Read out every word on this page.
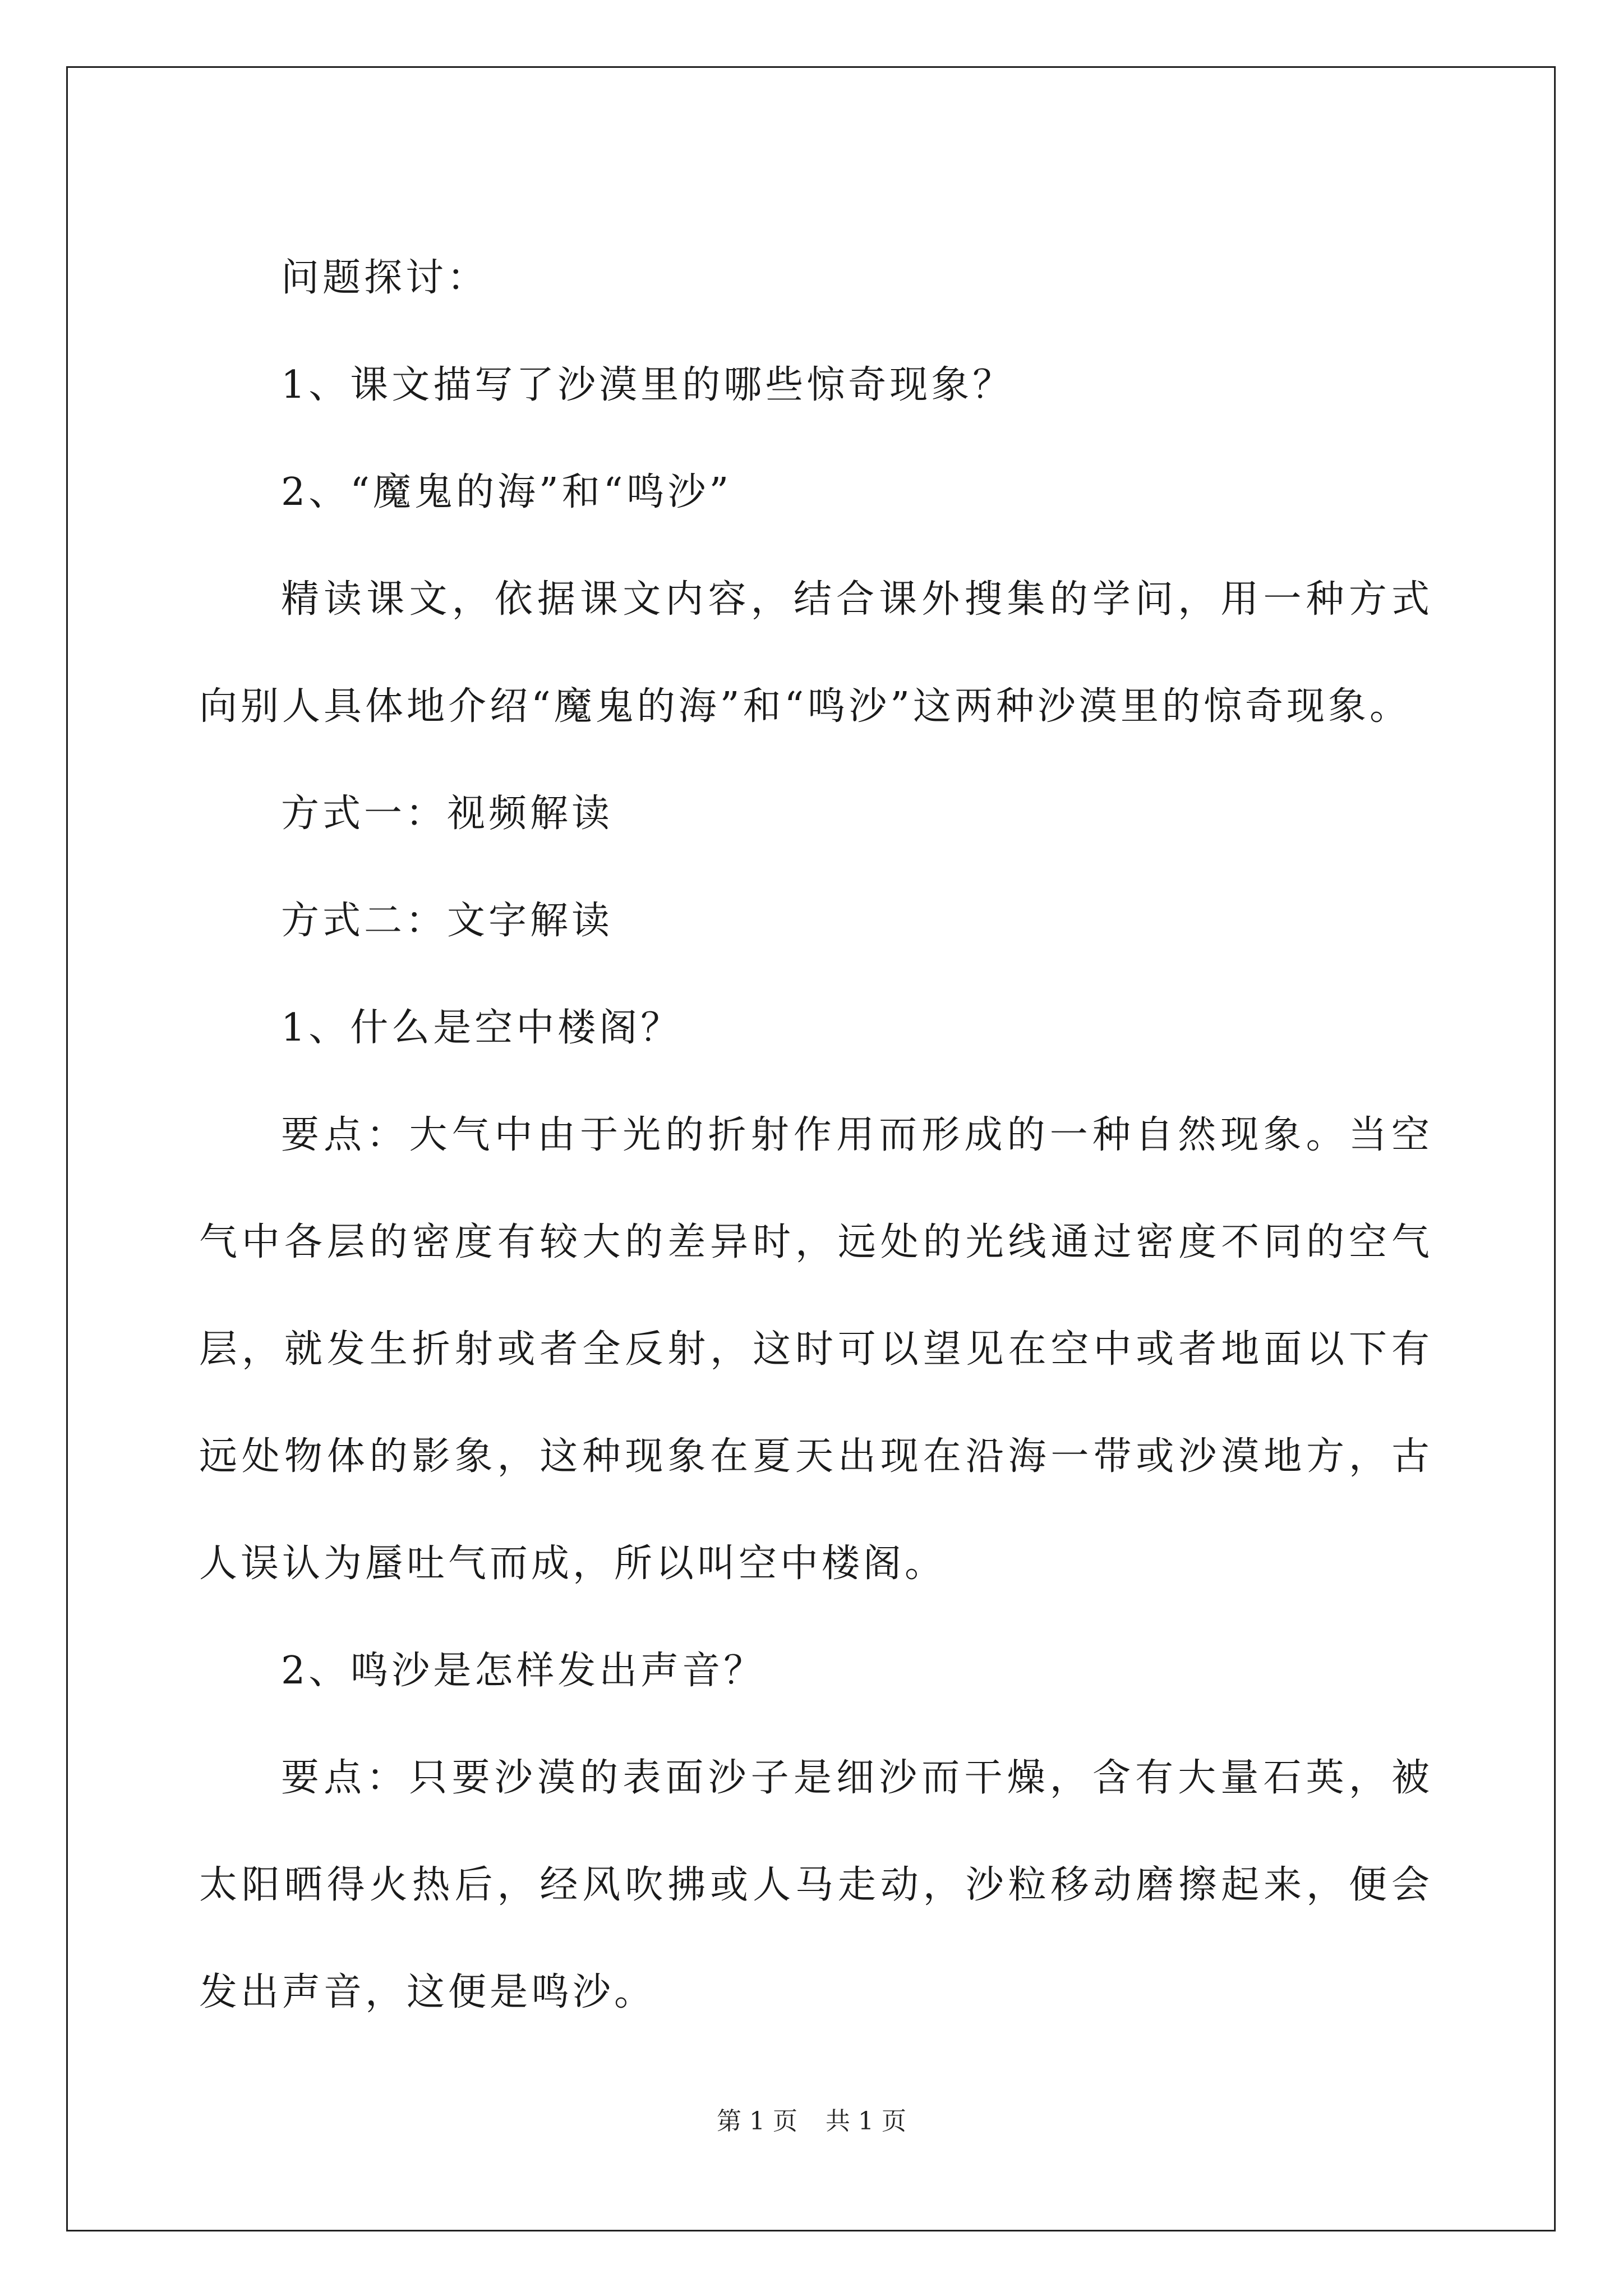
问题探讨：

1、课文描写了沙漠里的哪些惊奇现象？

2、“魔鬼的海”和“鸣沙”

精读课文，依据课文内容，结合课外搜集的学问，用一种方式向别人具体地介绍“魔鬼的海”和“鸣沙”这两种沙漠里的惊奇现象。

方式一：视频解读

方式二：文字解读

1、什么是空中楼阁？

要点：大气中由于光的折射作用而形成的一种自然现象。当空气中各层的密度有较大的差异时，远处的光线通过密度不同的空气层，就发生折射或者全反射，这时可以望见在空中或者地面以下有远处物体的影象，这种现象在夏天出现在沿海一带或沙漠地方，古人误认为蜃吐气而成，所以叫空中楼阁。

2、鸣沙是怎样发出声音？

要点：只要沙漠的表面沙子是细沙而干燥，含有大量石英，被太阳晒得火热后，经风吹拂或人马走动，沙粒移动磨擦起来，便会发出声音，这便是鸣沙。

第 1 页 共 1 页
